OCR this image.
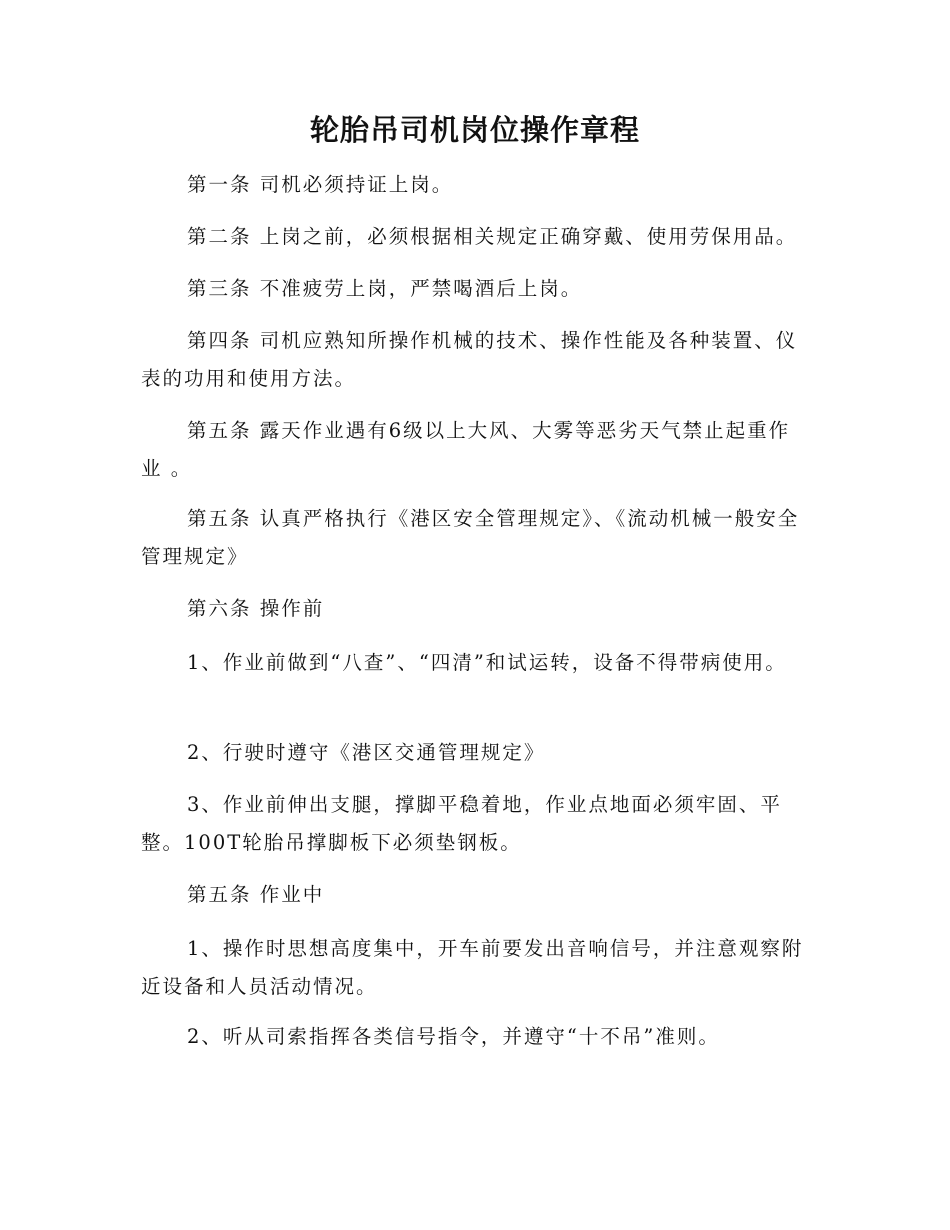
轮胎吊司机岗位操作章程

第一条 司机必须持证上岗。

第二条 上岗之前，必须根据相关规定正确穿戴、使用劳保用品。

第三条 不准疲劳上岗，严禁喝酒后上岗。

第四条 司机应熟知所操作机械的技术、操作性能及各种装置、仪表的功用和使用方法。

第五条 露天作业遇有6级以上大风、大雾等恶劣天气禁止起重作业 。

第五条 认真严格执行《港区安全管理规定》、《流动机械一般安全管理规定》

第六条 操作前

1、作业前做到“八查”、“四清”和试运转，设备不得带病使用。

2、行驶时遵守《港区交通管理规定》

3、作业前伸出支腿，撑脚平稳着地，作业点地面必须牢固、平整。100T轮胎吊撑脚板下必须垫钢板。

第五条 作业中

1、操作时思想高度集中，开车前要发出音响信号，并注意观察附近设备和人员活动情况。

2、听从司索指挥各类信号指令，并遵守“十不吊”准则。
